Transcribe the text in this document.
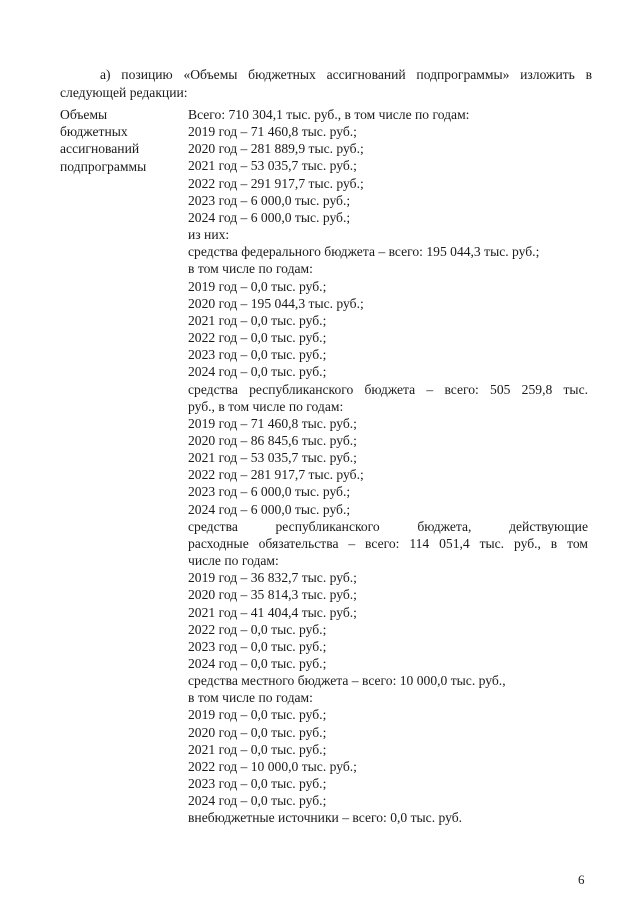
а) позицию «Объемы бюджетных ассигнований подпрограммы» изложить в следующей редакции:
Объемы
бюджетных
ассигнований
подпрограммы
Всего: 710 304,1 тыс. руб., в том числе по годам:
2019 год – 71 460,8 тыс. руб.;
2020 год – 281 889,9 тыс. руб.;
2021 год – 53 035,7 тыс. руб.;
2022 год – 291 917,7 тыс. руб.;
2023 год – 6 000,0 тыс. руб.;
2024 год – 6 000,0 тыс. руб.;
из них:
средства федерального бюджета – всего: 195 044,3 тыс. руб.;
в том числе по годам:
2019 год – 0,0 тыс. руб.;
2020 год – 195 044,3 тыс. руб.;
2021 год – 0,0 тыс. руб.;
2022 год – 0,0 тыс. руб.;
2023 год – 0,0 тыс. руб.;
2024 год – 0,0 тыс. руб.;
средства республиканского бюджета – всего: 505 259,8 тыс.
руб., в том числе по годам:
2019 год – 71 460,8 тыс. руб.;
2020 год – 86 845,6 тыс. руб.;
2021 год – 53 035,7 тыс. руб.;
2022 год – 281 917,7 тыс. руб.;
2023 год – 6 000,0 тыс. руб.;
2024 год – 6 000,0 тыс. руб.;
средства республиканского бюджета, действующие
расходные обязательства – всего: 114 051,4 тыс. руб., в том
числе по годам:
2019 год – 36 832,7 тыс. руб.;
2020 год – 35 814,3 тыс. руб.;
2021 год – 41 404,4 тыс. руб.;
2022 год – 0,0 тыс. руб.;
2023 год – 0,0 тыс. руб.;
2024 год – 0,0 тыс. руб.;
средства местного бюджета – всего: 10 000,0 тыс. руб.,
в том числе по годам:
2019 год – 0,0 тыс. руб.;
2020 год – 0,0 тыс. руб.;
2021 год – 0,0 тыс. руб.;
2022 год – 10 000,0 тыс. руб.;
2023 год – 0,0 тыс. руб.;
2024 год – 0,0 тыс. руб.;
внебюджетные источники – всего: 0,0 тыс. руб.
6
